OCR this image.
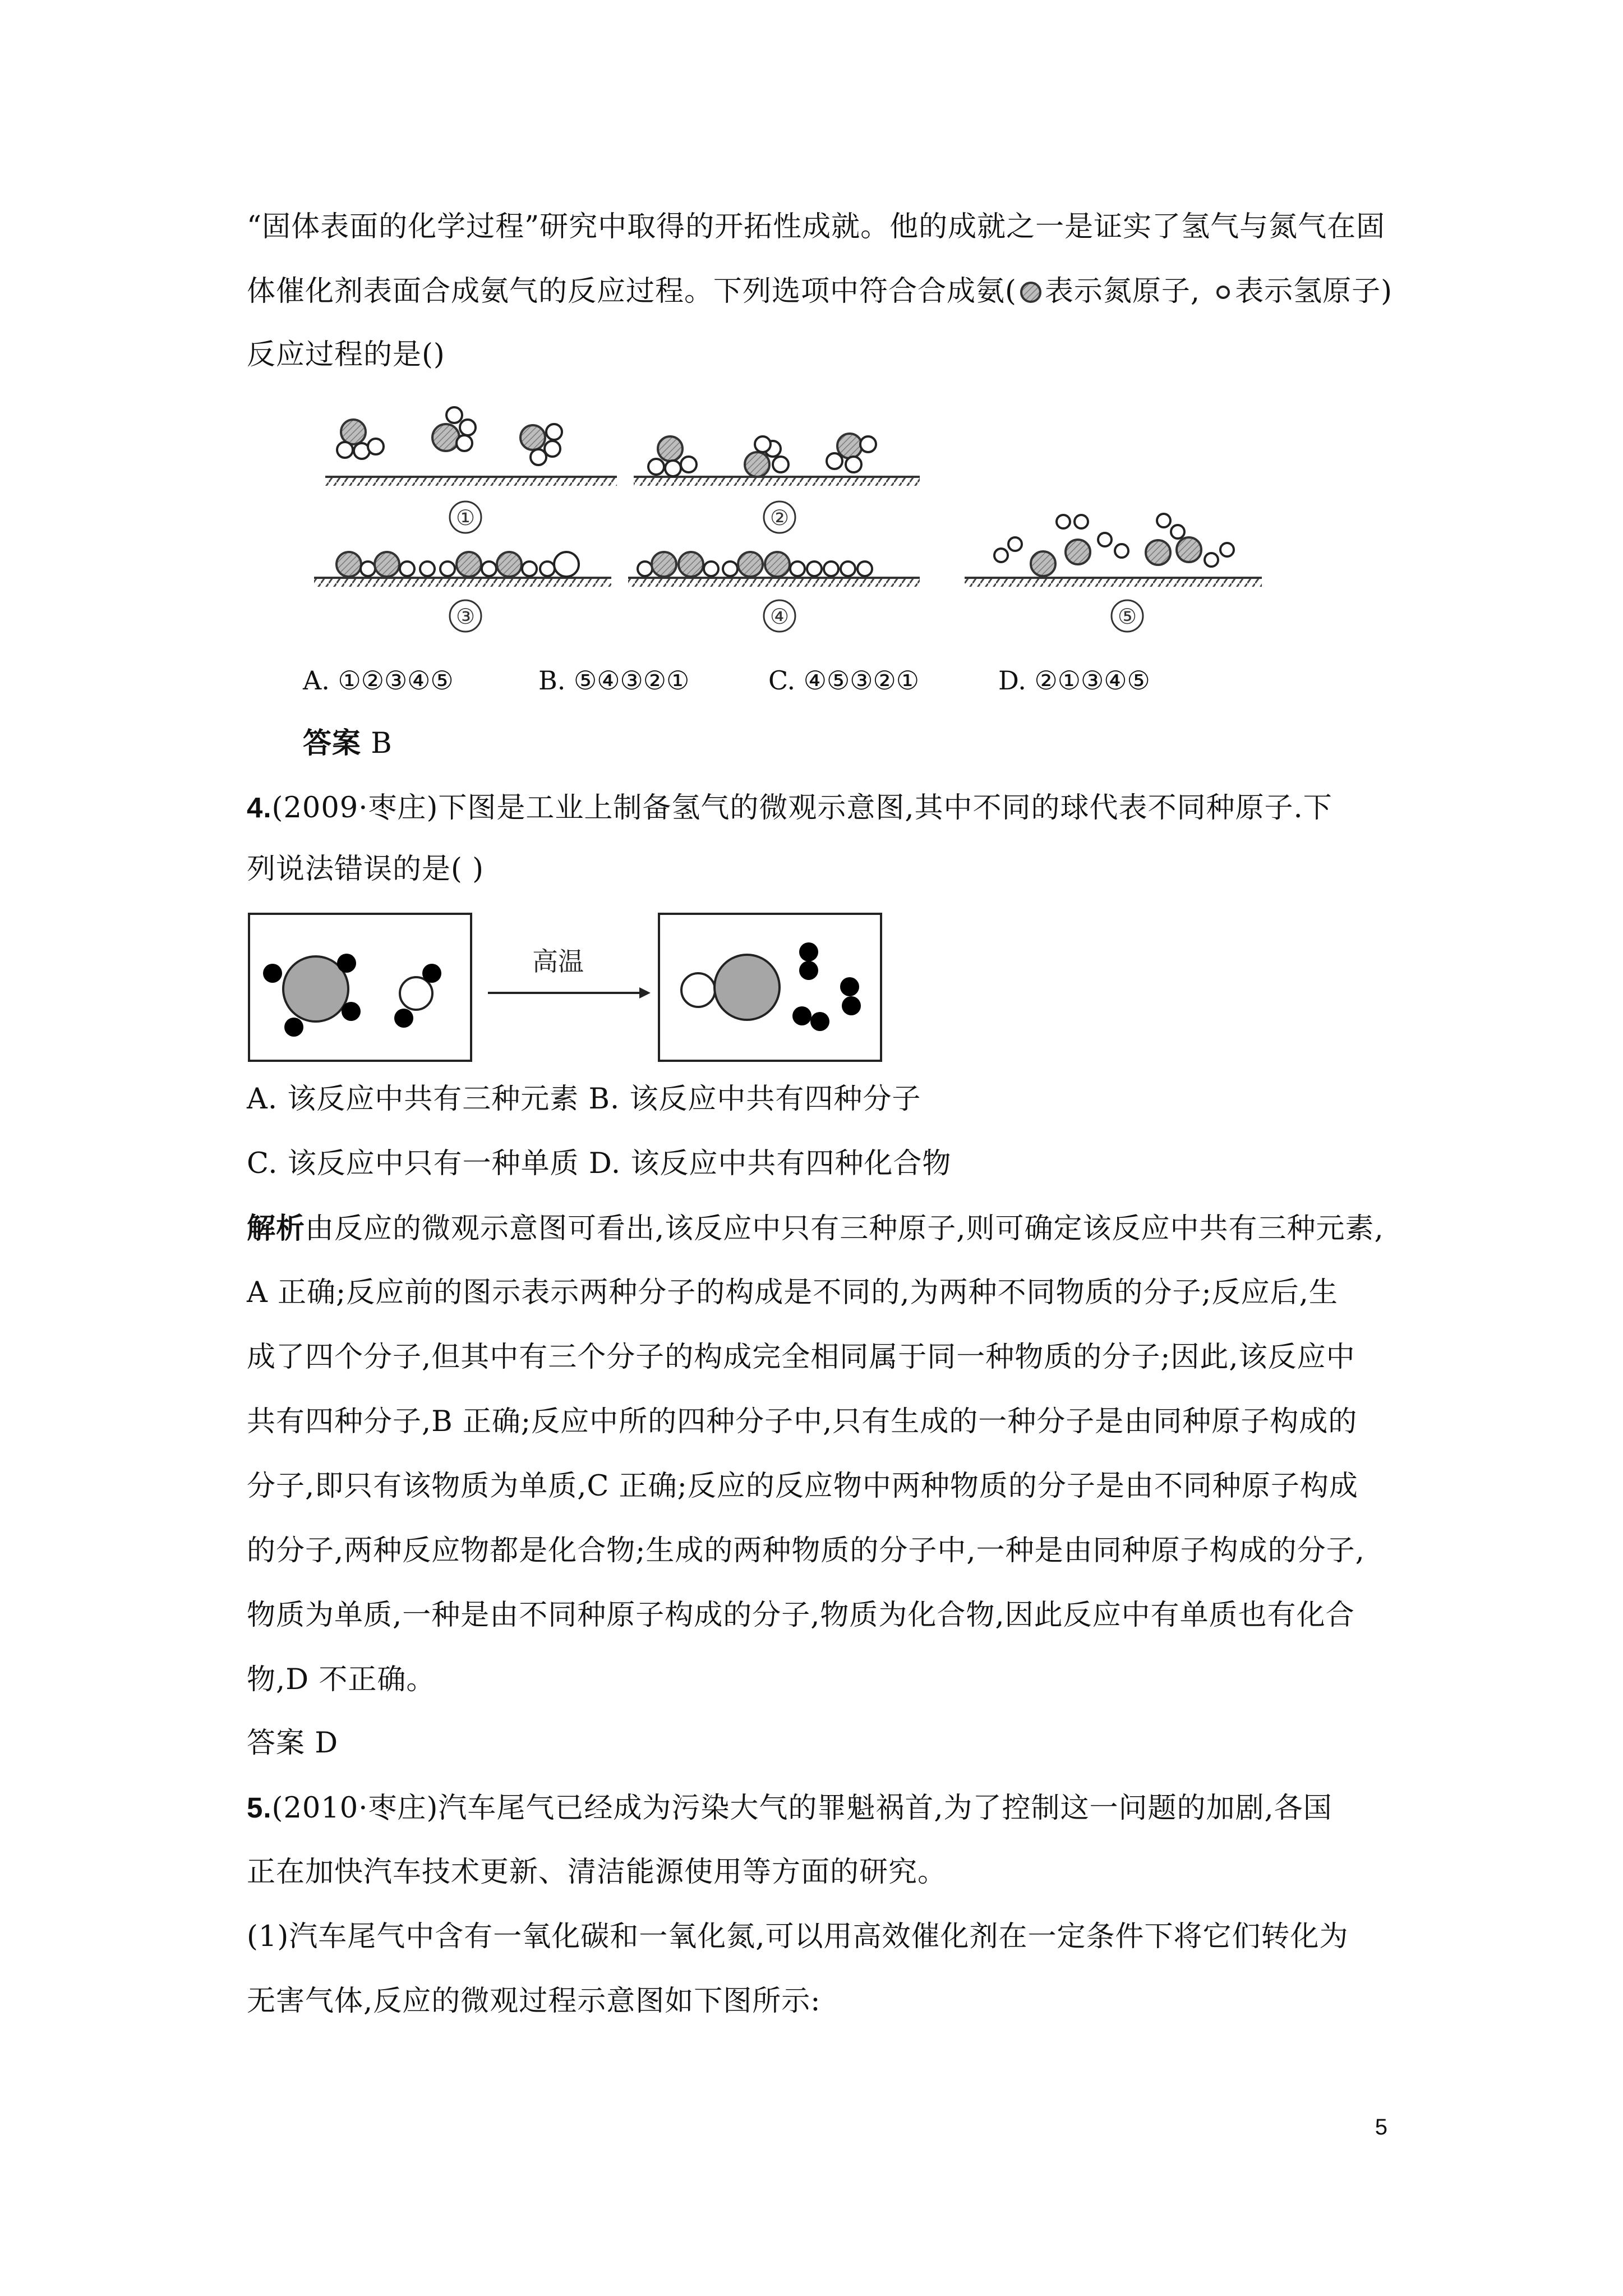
“固体表面的化学过程”研究中取得的开拓性成就。他的成就之一是证实了氢气与氮气在固
体催化剂表面合成氨气的反应过程。下列选项中符合合成氨( 表示氮原子, 表示氢原子)
反应过程的是()
①	②
③	④	⑤
A. ①②③④⑤	B. ⑤④③②①	C. ④⑤③②①	D. ②①③④⑤
答案 B
4.(2009·枣庄)下图是工业上制备氢气的微观示意图,其中不同的球代表不同种原子.下
列说法错误的是( )
高温
A. 该反应中共有三种元素 B. 该反应中共有四种分子
C. 该反应中只有一种单质 D. 该反应中共有四种化合物
解析由反应的微观示意图可看出,该反应中只有三种原子,则可确定该反应中共有三种元素,
A 正确;反应前的图示表示两种分子的构成是不同的,为两种不同物质的分子;反应后,生
成了四个分子,但其中有三个分子的构成完全相同属于同一种物质的分子;因此,该反应中
共有四种分子,B 正确;反应中所的四种分子中,只有生成的一种分子是由同种原子构成的
分子,即只有该物质为单质,C 正确;反应的反应物中两种物质的分子是由不同种原子构成
的分子,两种反应物都是化合物;生成的两种物质的分子中,一种是由同种原子构成的分子,
物质为单质,一种是由不同种原子构成的分子,物质为化合物,因此反应中有单质也有化合
物,D 不正确。
答案 D
5.(2010·枣庄)汽车尾气已经成为污染大气的罪魁祸首,为了控制这一问题的加剧,各国
正在加快汽车技术更新、清洁能源使用等方面的研究。
(1)汽车尾气中含有一氧化碳和一氧化氮,可以用高效催化剂在一定条件下将它们转化为
无害气体,反应的微观过程示意图如下图所示:
5
